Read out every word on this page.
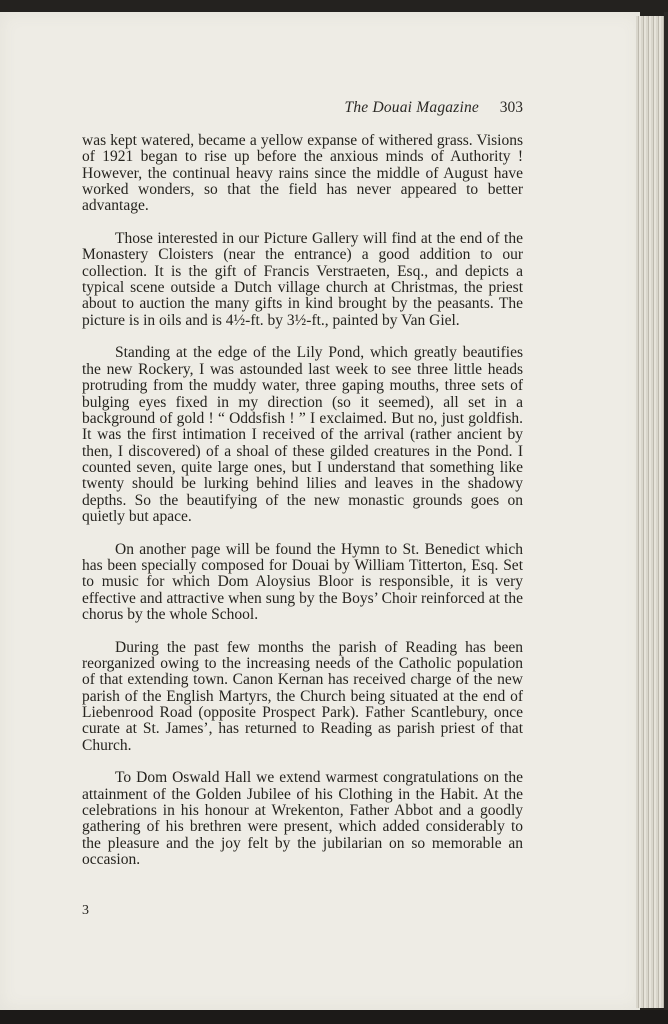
The Douai Magazine 303

was kept watered, became a yellow expanse of withered grass. Visions of 1921 began to rise up before the anxious minds of Authority ! However, the continual heavy rains since the middle of August have worked wonders, so that the field has never appeared to better advantage.

Those interested in our Picture Gallery will find at the end of the Monastery Cloisters (near the entrance) a good addition to our collection. It is the gift of Francis Verstraeten, Esq., and depicts a typical scene outside a Dutch village church at Christmas, the priest about to auction the many gifts in kind brought by the peasants. The picture is in oils and is 4½-ft. by 3½-ft., painted by Van Giel.

Standing at the edge of the Lily Pond, which greatly beautifies the new Rockery, I was astounded last week to see three little heads protruding from the muddy water, three gaping mouths, three sets of bulging eyes fixed in my direction (so it seemed), all set in a background of gold ! “ Oddsfish ! ” I exclaimed. But no, just goldfish. It was the first intimation I received of the arrival (rather ancient by then, I discovered) of a shoal of these gilded creatures in the Pond. I counted seven, quite large ones, but I understand that something like twenty should be lurking behind lilies and leaves in the shadowy depths. So the beautifying of the new monastic grounds goes on quietly but apace.

On another page will be found the Hymn to St. Benedict which has been specially composed for Douai by William Titterton, Esq. Set to music for which Dom Aloysius Bloor is responsible, it is very effective and attractive when sung by the Boys’ Choir reinforced at the chorus by the whole School.

During the past few months the parish of Reading has been reorganized owing to the increasing needs of the Catholic population of that extending town. Canon Kernan has received charge of the new parish of the English Martyrs, the Church being situated at the end of Liebenrood Road (opposite Prospect Park). Father Scantlebury, once curate at St. James’, has returned to Reading as parish priest of that Church.

To Dom Oswald Hall we extend warmest congratulations on the attainment of the Golden Jubilee of his Clothing in the Habit. At the celebrations in his honour at Wrekenton, Father Abbot and a goodly gathering of his brethren were present, which added considerably to the pleasure and the joy felt by the jubilarian on so memorable an occasion.

3
